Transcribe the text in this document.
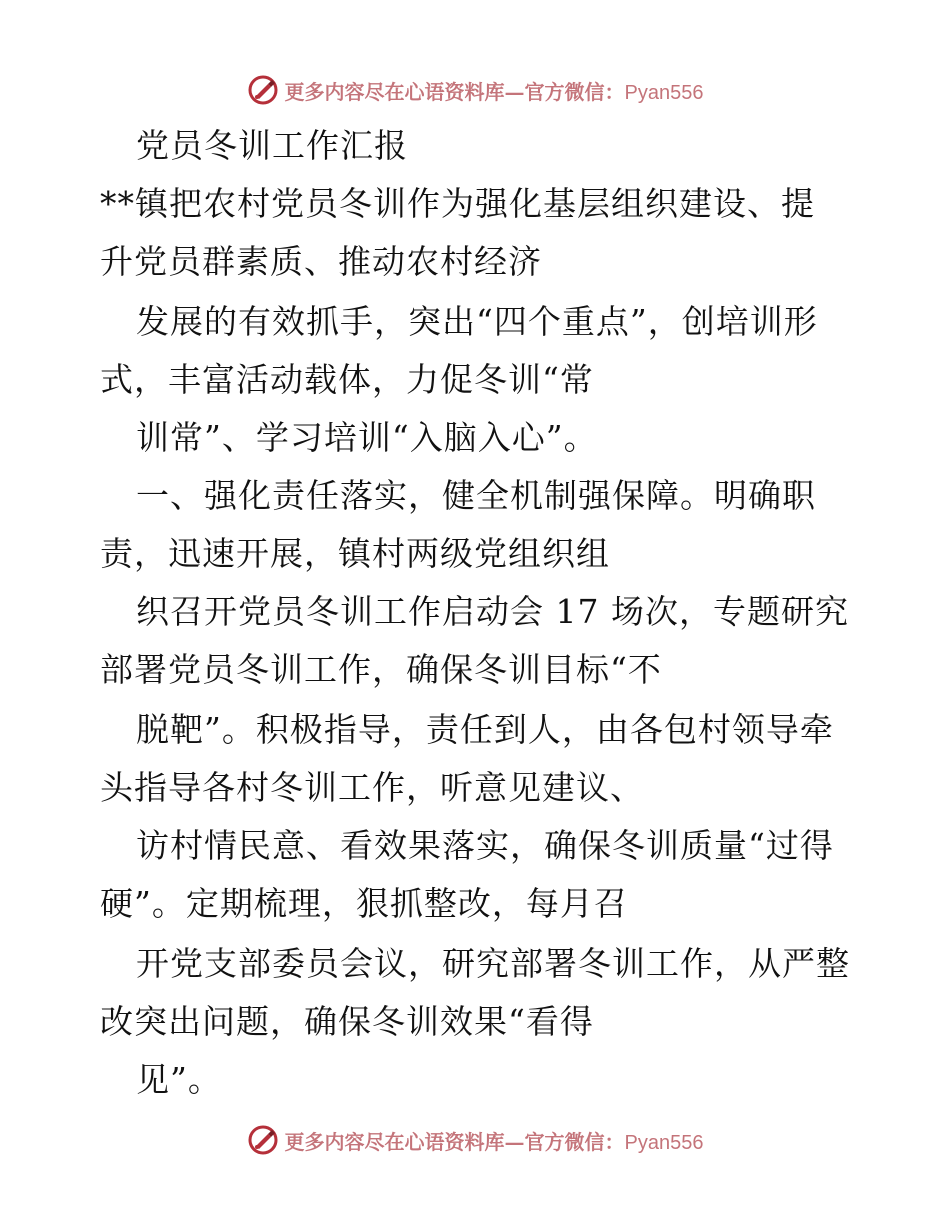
更多内容尽在心语资料库—官方微信：Pyan556
党员冬训工作汇报
**镇把农村党员冬训作为强化基层组织建设、提
升党员群素质、推动农村经济
发展的有效抓手，突出“四个重点”，创培训形
式，丰富活动载体，力促冬训“常
训常”、学习培训“入脑入心”。
一、强化责任落实，健全机制强保障。明确职
责，迅速开展，镇村两级党组织组
织召开党员冬训工作启动会 17 场次，专题研究
部署党员冬训工作，确保冬训目标“不
脱靶”。积极指导，责任到人，由各包村领导牵
头指导各村冬训工作，听意见建议、
访村情民意、看效果落实，确保冬训质量“过得
硬”。定期梳理，狠抓整改，每月召
开党支部委员会议，研究部署冬训工作，从严整
改突出问题，确保冬训效果“看得
见”。
更多内容尽在心语资料库—官方微信：Pyan556
